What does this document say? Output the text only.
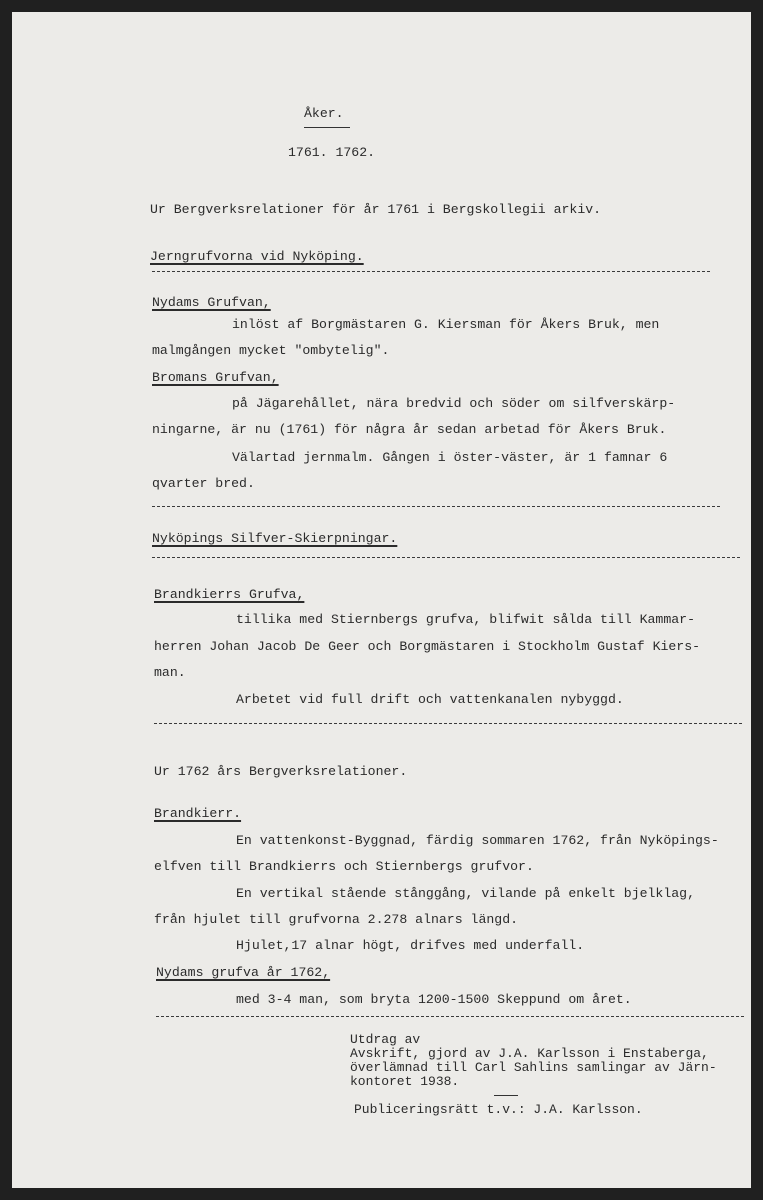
Åker.
1761. 1762.
Ur Bergverksrelationer för år 1761 i Bergskollegii arkiv.
Jerngrufvorna vid Nyköping.
Nydams Grufvan,
inlöst af Borgmästaren G. Kiersman för Åkers Bruk, men
malmgången mycket "ombytelig".
Bromans Grufvan,
på Jägarehållet, nära bredvid och söder om silfverskärp-
ningarne, är nu (1761) för några år sedan arbetad för Åkers Bruk.
Välartad jernmalm. Gången i öster-väster, är 1 famnar 6
qvarter bred.
Nyköpings Silfver-Skierpningar.
Brandkierrs Grufva,
tillika med Stiernbergs grufva, blifwit sålda till Kammar-
herren Johan Jacob De Geer och Borgmästaren i Stockholm Gustaf Kiers-
man.
Arbetet vid full drift och vattenkanalen nybyggd.
Ur 1762 års Bergverksrelationer.
Brandkierr.
En vattenkonst-Byggnad, färdig sommaren 1762, från Nyköpings-
elfven till Brandkierrs och Stiernbergs grufvor.
En vertikal stående stånggång, vilande på enkelt bjelklag,
från hjulet till grufvorna 2.278 alnars längd.
Hjulet,17 alnar högt, drifves med underfall.
Nydams grufva år 1762,
med 3-4 man, som bryta 1200-1500 Skeppund om året.
Utdrag av
Avskrift, gjord av J.A. Karlsson i Enstaberga,
överlämnad till Carl Sahlins samlingar av Järn-
kontoret 1938.
Publiceringsrätt t.v.: J.A. Karlsson.
